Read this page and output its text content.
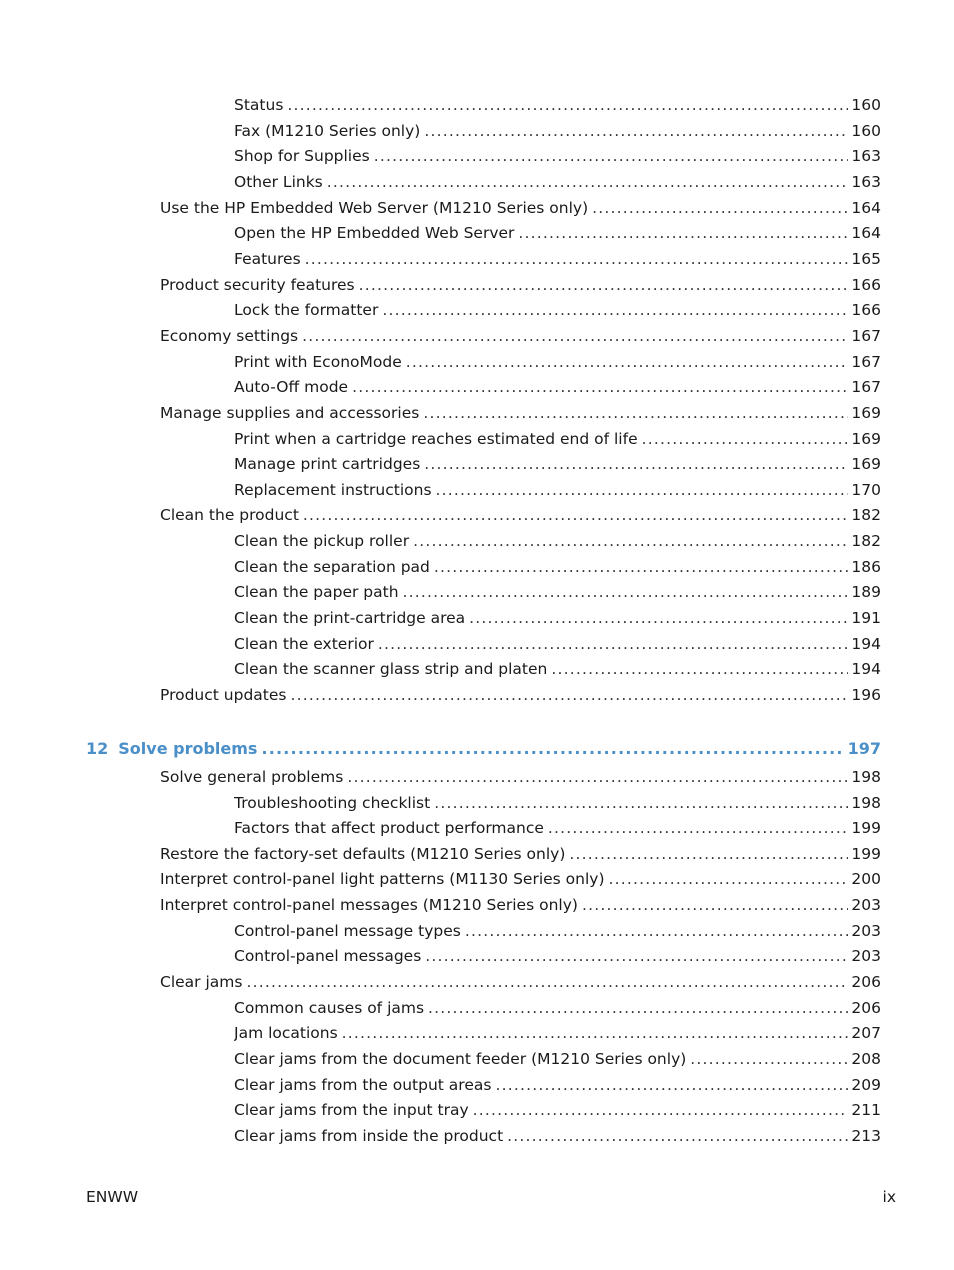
Status .....	160
Fax (M1210 Series only) .....	160
Shop for Supplies .....	163
Other Links .....	163
Use the HP Embedded Web Server (M1210 Series only) .....	164
Open the HP Embedded Web Server .....	164
Features .....	165
Product security features .....	166
Lock the formatter .....	166
Economy settings .....	167
Print with EconoMode .....	167
Auto-Off mode .....	167
Manage supplies and accessories .....	169
Print when a cartridge reaches estimated end of life .....	169
Manage print cartridges .....	169
Replacement instructions .....	170
Clean the product .....	182
Clean the pickup roller .....	182
Clean the separation pad .....	186
Clean the paper path .....	189
Clean the print-cartridge area .....	191
Clean the exterior .....	194
Clean the scanner glass strip and platen .....	194
Product updates .....	196
12 Solve problems .....	197
Solve general problems .....	198
Troubleshooting checklist .....	198
Factors that affect product performance .....	199
Restore the factory-set defaults (M1210 Series only) .....	199
Interpret control-panel light patterns (M1130 Series only) .....	200
Interpret control-panel messages (M1210 Series only) .....	203
Control-panel message types .....	203
Control-panel messages .....	203
Clear jams .....	206
Common causes of jams .....	206
Jam locations .....	207
Clear jams from the document feeder (M1210 Series only) .....	208
Clear jams from the output areas .....	209
Clear jams from the input tray .....	211
Clear jams from inside the product .....	213
ENWW	ix
